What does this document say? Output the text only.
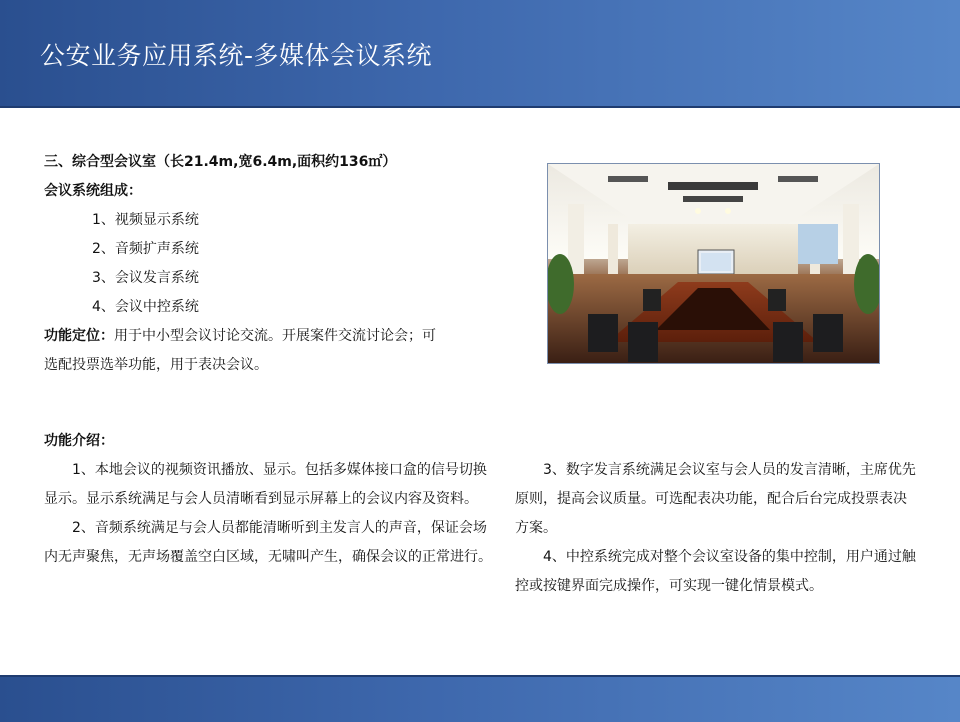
公安业务应用系统-多媒体会议系统
三、综合型会议室（长21.4m,宽6.4m,面积约136㎡）
会议系统组成：
1、视频显示系统
2、音频扩声系统
3、会议发言系统
4、会议中控系统
功能定位：用于中小型会议讨论交流。开展案件交流讨论会；可
选配投票选举功能，用于表决会议。
功能介绍：
1、本地会议的视频资讯播放、显示。包括多媒体接口盒的信号切换显示。显示系统满足与会人员清晰看到显示屏幕上的会议内容及资料。
2、音频系统满足与会人员都能清晰听到主发言人的声音，保证会场内无声聚焦，无声场覆盖空白区域，无啸叫产生，确保会议的正常进行。
3、数字发言系统满足会议室与会人员的发言清晰，主席优先原则，提高会议质量。可选配表决功能，配合后台完成投票表决方案。
4、中控系统完成对整个会议室设备的集中控制，用户通过触控或按键界面完成操作，可实现一键化情景模式。
